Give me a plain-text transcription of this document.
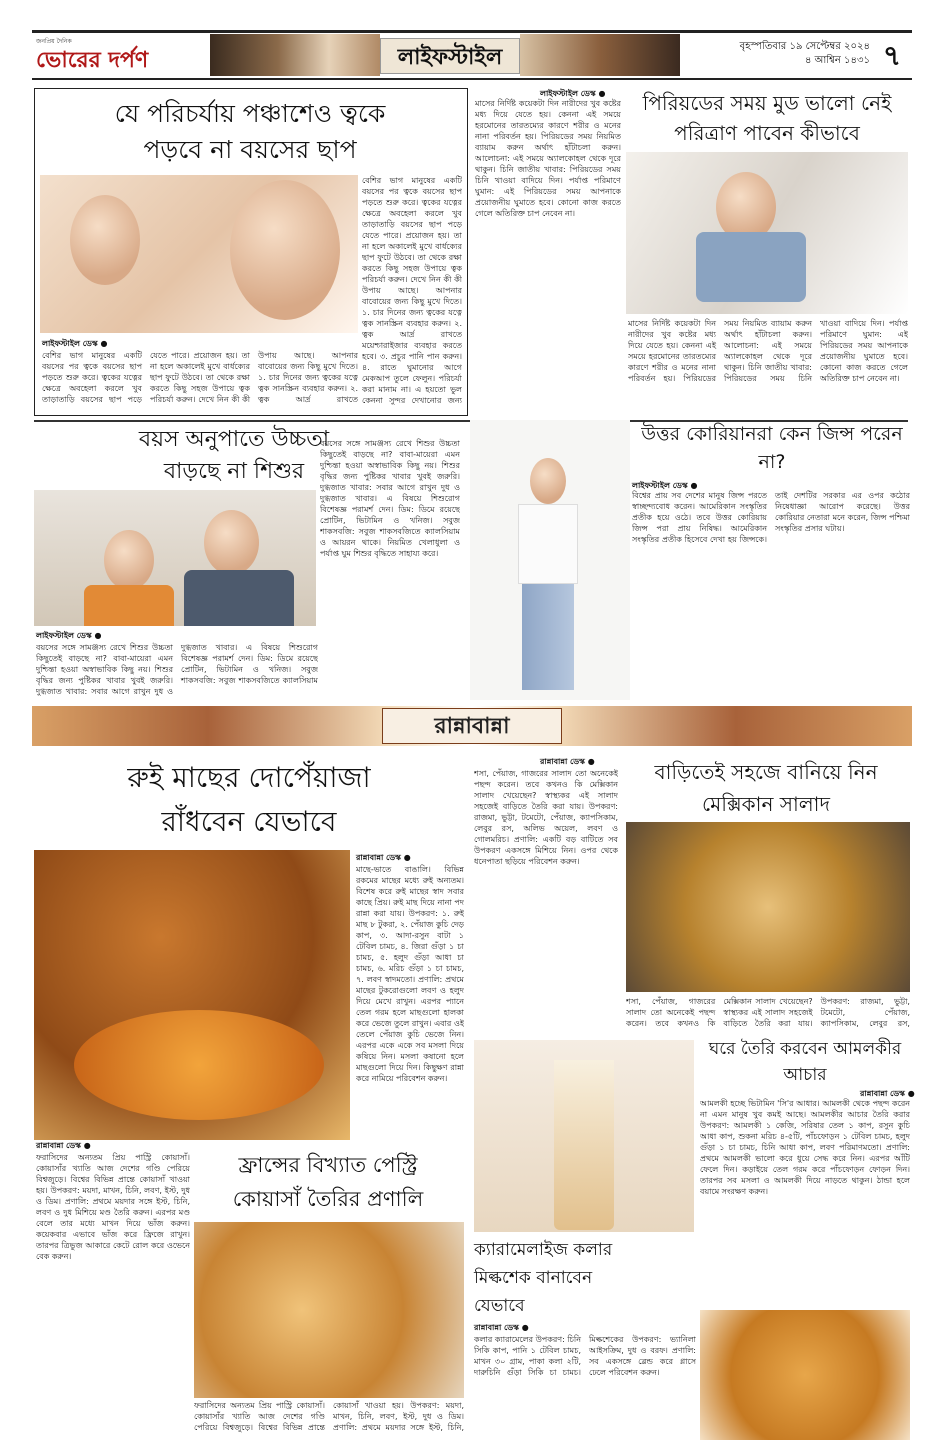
জনপ্রিয় দৈনিক
ভোরের দর্পণ	লাইফস্টাইল	বৃহস্পতিবার ১৯ সেপ্টেম্বর ২০২৪
৪ আশ্বিন ১৪৩১ ৭
যে পরিচর্যায় পঞ্চাশেও ত্বকে
পড়বে না বয়সের ছাপ
বেশির ভাগ মানুষের একটি বয়সের পর ত্বকে বয়সের ছাপ পড়তে শুরু করে। ত্বকের যত্নের ক্ষেত্রে অবহেলা করলে খুব তাড়াতাড়ি বয়সের ছাপ পড়ে যেতে পারে। প্রয়োজন হয়। তা না হলে অকালেই মুখে বার্ধক্যের ছাপ ফুটে উঠবে। তা থেকে রক্ষা করতে কিছু সহজ উপায়ে ত্বক পরিচর্যা করুন। দেখে নিন কী কী উপায় আছে। আপনার বাবোয়ের জন্য কিছু মুখে দিতে। ১. চার দিনের জন্য ত্বকের যত্নে ত্বক সানস্ক্রিন ব্যবহার করুন। ২. ত্বক আর্দ্র রাখতে ময়েশ্চারাইজার ব্যবহার করতে হবে। ৩. প্রচুর পানি পান করুন। ৪. রাতে ঘুমানোর আগে মেকআপ তুলে ফেলুন। পরিচর্যা করা মানাম না। এ হয়তো ভুল কেননা সুন্দর দেখানোর জন্য
লাইফস্টাইল ডেস্ক ●
বেশির ভাগ মানুষের একটি বয়সের পর ত্বকে বয়সের ছাপ পড়তে শুরু করে। ত্বকের যত্নের ক্ষেত্রে অবহেলা করলে খুব তাড়াতাড়ি বয়সের ছাপ পড়ে যেতে পারে। প্রয়োজন হয়। তা না হলে অকালেই মুখে বার্ধক্যের ছাপ ফুটে উঠবে। তা থেকে রক্ষা করতে কিছু সহজ উপায়ে ত্বক পরিচর্যা করুন। দেখে নিন কী কী উপায় আছে। আপনার বাবোয়ের জন্য কিছু মুখে দিতে। ১. চার দিনের জন্য ত্বকের যত্নে ত্বক সানস্ক্রিন ব্যবহার করুন। ২. ত্বক আর্দ্র রাখতে
লাইফস্টাইল ডেস্ক ●
মাসের নির্দিষ্ট কয়েকটা দিন নারীদের খুব কষ্টের মধ্য দিয়ে যেতে হয়। কেননা এই সময়ে হরমোনের তারতম্যের কারণে শরীর ও মনের নানা পরিবর্তন হয়। পিরিয়ডের সময় নিয়মিত ব্যায়াম করুন অর্থাৎ হাঁটাচলা করুন। আলোচনা: এই সময়ে অ্যালকোহল থেকে দূরে থাকুন। চিনি জাতীয় খাবার: পিরিয়ডের সময় চিনি খাওয়া বাদিয়ে দিন। পর্যাপ্ত পরিমাণে ঘুমান: এই পিরিয়ডের সময় আপনাকে প্রয়োজনীয় ঘুমাতে হবে। কোনো কাজ করতে গেলে অতিরিক্ত চাপ নেবেন না।
পিরিয়ডের সময় মুড ভালো নেই পরিত্রাণ পাবেন কীভাবে
মাসের নির্দিষ্ট কয়েকটা দিন নারীদের খুব কষ্টের মধ্য দিয়ে যেতে হয়। কেননা এই সময়ে হরমোনের তারতম্যের কারণে শরীর ও মনের নানা পরিবর্তন হয়। পিরিয়ডের সময় নিয়মিত ব্যায়াম করুন অর্থাৎ হাঁটাচলা করুন। আলোচনা: এই সময়ে অ্যালকোহল থেকে দূরে থাকুন। চিনি জাতীয় খাবার: পিরিয়ডের সময় চিনি খাওয়া বাদিয়ে দিন। পর্যাপ্ত পরিমাণে ঘুমান: এই পিরিয়ডের সময় আপনাকে প্রয়োজনীয় ঘুমাতে হবে। কোনো কাজ করতে গেলে অতিরিক্ত চাপ নেবেন না।
বয়স অনুপাতে উচ্চতা
বাড়ছে না শিশুর
বয়সের সঙ্গে সামঞ্জস্য রেখে শিশুর উচ্চতা কিছুতেই বাড়ছে না? বাবা-মায়েরা এমন দুশ্চিন্তা হওয়া অস্বাভাবিক কিছু নয়। শিশুর বৃদ্ধির জন্য পুষ্টিকর খাবার খুবই জরুরি। দুগ্ধজাত খাবার: সবার আগে রাখুন দুধ ও দুগ্ধজাত খাবার। এ বিষয়ে শিশুরোগ বিশেষজ্ঞ পরামর্শ দেন। ডিম: ডিমে রয়েছে প্রোটিন, ভিটামিন ও খনিজ। সবুজ শাকসবজি: সবুজ শাকসবজিতে ক্যালসিয়াম ও আয়রন থাকে। নিয়মিত খেলাধুলা ও পর্যাপ্ত ঘুম শিশুর বৃদ্ধিতে সাহায্য করে।
লাইফস্টাইল ডেস্ক ●
বয়সের সঙ্গে সামঞ্জস্য রেখে শিশুর উচ্চতা কিছুতেই বাড়ছে না? বাবা-মায়েরা এমন দুশ্চিন্তা হওয়া অস্বাভাবিক কিছু নয়। শিশুর বৃদ্ধির জন্য পুষ্টিকর খাবার খুবই জরুরি। দুগ্ধজাত খাবার: সবার আগে রাখুন দুধ ও দুগ্ধজাত খাবার। এ বিষয়ে শিশুরোগ বিশেষজ্ঞ পরামর্শ দেন। ডিম: ডিমে রয়েছে প্রোটিন, ভিটামিন ও খনিজ। সবুজ শাকসবজি: সবুজ শাকসবজিতে ক্যালসিয়াম
উত্তর কোরিয়ানরা কেন জিন্স পরেন না?
লাইফস্টাইল ডেস্ক ●
বিশ্বের প্রায় সব দেশের মানুষ জিন্স পরতে স্বাচ্ছন্দ্যবোধ করেন। আমেরিকান সংস্কৃতির প্রতীক হয়ে ওঠে। তবে উত্তর কোরিয়ায় জিন্স পরা প্রায় নিষিদ্ধ। আমেরিকান সংস্কৃতির প্রতীক হিসেবে দেখা হয় জিন্সকে। তাই দেশটির সরকার এর ওপর কঠোর নিষেধাজ্ঞা আরোপ করেছে। উত্তর কোরিয়ার নেতারা মনে করেন, জিন্স পশ্চিমা সংস্কৃতির প্রসার ঘটায়।
রান্নাবান্না
রুই মাছের দোপেঁয়াজা
রাঁধবেন যেভাবে
রান্নাবান্না ডেস্ক ●
মাছে-ভাতে বাঙালি। বিভিন্ন রকমের মাছের মধ্যে রুই অন্যতম। বিশেষ করে রুই মাছের স্বাদ সবার কাছে প্রিয়। রুই মাছ দিয়ে নানা পদ রান্না করা যায়। উপকরণ: ১. রুই মাছ ৮ টুকরা, ২. পেঁয়াজ কুচি দেড় কাপ, ৩. আদা-রসুন বাটা ১ টেবিল চামচ, ৪. জিরা গুঁড়া ১ চা চামচ, ৫. হলুদ গুঁড়া আধা চা চামচ, ৬. মরিচ গুঁড়া ১ চা চামচ, ৭. লবণ স্বাদমতো। প্রণালি: প্রথমে মাছের টুকরোগুলো লবণ ও হলুদ দিয়ে মেখে রাখুন। এরপর প্যানে তেল গরম হলে মাছগুলো হালকা করে ভেজে তুলে রাখুন। এবার ওই তেলে পেঁয়াজ কুচি ভেজে নিন। এরপর একে একে সব মসলা দিয়ে কষিয়ে নিন। মসলা কষানো হলে মাছগুলো দিয়ে দিন। কিছুক্ষণ রান্না করে নামিয়ে পরিবেশন করুন।
রান্নাবান্না ডেস্ক ●
শসা, পেঁয়াজ, গাজরের সালাদ তো অনেকেই পছন্দ করেন। তবে কখনও কি মেক্সিকান সালাদ খেয়েছেন? স্বাস্থ্যকর এই সালাদ সহজেই বাড়িতে তৈরি করা যায়। উপকরণ: রাজমা, ভুট্টা, টমেটো, পেঁয়াজ, ক্যাপসিকাম, লেবুর রস, অলিভ অয়েল, লবণ ও গোলমরিচ। প্রণালি: একটি বড় বাটিতে সব উপকরণ একসঙ্গে মিশিয়ে নিন। ওপর থেকে ধনেপাতা ছড়িয়ে পরিবেশন করুন।
বাড়িতেই সহজে বানিয়ে নিন মেক্সিকান সালাদ
শসা, পেঁয়াজ, গাজরের সালাদ তো অনেকেই পছন্দ করেন। তবে কখনও কি মেক্সিকান সালাদ খেয়েছেন? স্বাস্থ্যকর এই সালাদ সহজেই বাড়িতে তৈরি করা যায়। উপকরণ: রাজমা, ভুট্টা, টমেটো, পেঁয়াজ, ক্যাপসিকাম, লেবুর রস,
ঘরে তৈরি করবেন আমলকীর আচার
রান্নাবান্না ডেস্ক ●
আমলকী হচ্ছে ভিটামিন 'সি'র আধার। আমলকী থেকে পছন্দ করেন না এমন মানুষ খুব কমই আছে। আমলকীর আচার তৈরি করার উপকরণ: আমলকী ১ কেজি, সরিষার তেল ১ কাপ, রসুন কুচি আধা কাপ, শুকনা মরিচ ৪-৫টি, পাঁচফোড়ন ১ টেবিল চামচ, হলুদ গুঁড়া ১ চা চামচ, চিনি আধা কাপ, লবণ পরিমাণমতো। প্রণালি: প্রথমে আমলকী ভালো করে ধুয়ে সেদ্ধ করে নিন। এরপর আঁটি ফেলে দিন। কড়াইয়ে তেল গরম করে পাঁচফোড়ন ফোড়ন দিন। তারপর সব মসলা ও আমলকী দিয়ে নাড়তে থাকুন। ঠান্ডা হলে বয়ামে সংরক্ষণ করুন।
রান্নাবান্না ডেস্ক ●
ফরাসিদের অন্যতম প্রিয় পাস্ট্রি কোয়াসাঁ। কোয়াসাঁর খ্যাতি আজ দেশের গণ্ডি পেরিয়ে বিশ্বজুড়ে। বিশ্বের বিভিন্ন প্রান্তে কোয়াসাঁ খাওয়া হয়। উপকরণ: ময়দা, মাখন, চিনি, লবণ, ইস্ট, দুধ ও ডিম। প্রণালি: প্রথমে ময়দার সঙ্গে ইস্ট, চিনি, লবণ ও দুধ মিশিয়ে মণ্ড তৈরি করুন। এরপর মণ্ড বেলে তার মধ্যে মাখন দিয়ে ভাঁজ করুন। কয়েকবার এভাবে ভাঁজ করে ফ্রিজে রাখুন। তারপর ত্রিভুজ আকারে কেটে রোল করে ওভেনে বেক করুন।
ফ্রান্সের বিখ্যাত পেস্ট্রি
কোয়াসাঁ তৈরির প্রণালি
ফরাসিদের অন্যতম প্রিয় পাস্ট্রি কোয়াসাঁ। কোয়াসাঁর খ্যাতি আজ দেশের গণ্ডি পেরিয়ে বিশ্বজুড়ে। বিশ্বের বিভিন্ন প্রান্তে কোয়াসাঁ খাওয়া হয়। উপকরণ: ময়দা, মাখন, চিনি, লবণ, ইস্ট, দুধ ও ডিম। প্রণালি: প্রথমে ময়দার সঙ্গে ইস্ট, চিনি,
ক্যারামেলাইজ কলার
মিল্কশেক বানাবেন
যেভাবে
রান্নাবান্না ডেস্ক ●
কলার ক্যারামেলের উপকরণ: চিনি সিকি কাপ, পানি ১ টেবিল চামচ, মাখন ৩০ গ্রাম, পাকা কলা ২টি, দারুচিনি গুঁড়া সিকি চা চামচ। মিল্কশেকের উপকরণ: ভ্যানিলা আইসক্রিম, দুধ ও বরফ। প্রণালি: সব একসঙ্গে ব্লেন্ড করে গ্লাসে ঢেলে পরিবেশন করুন।
